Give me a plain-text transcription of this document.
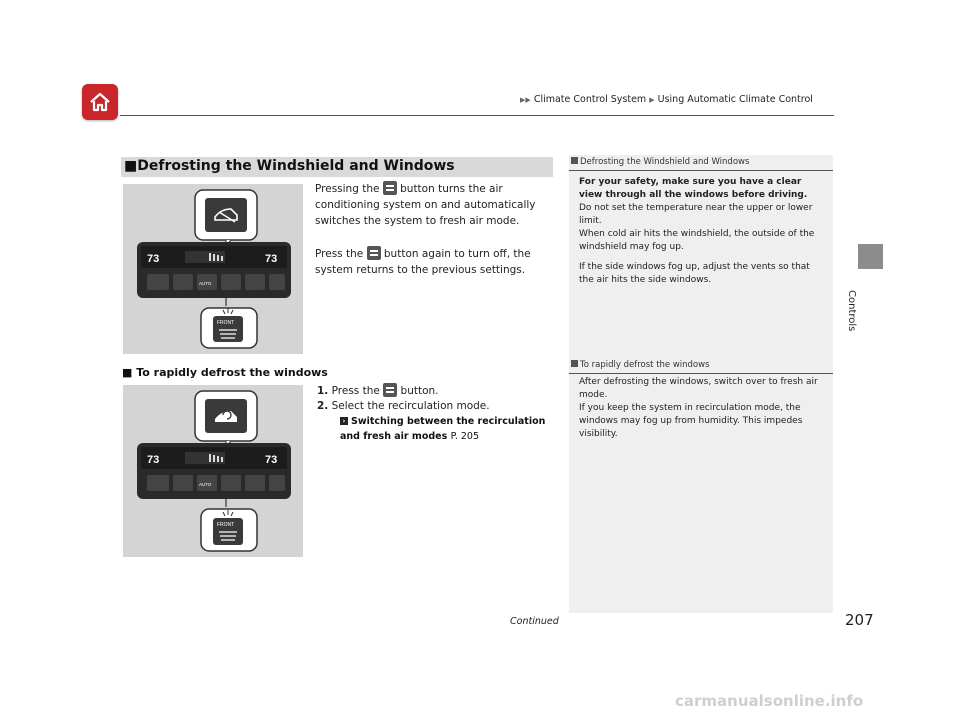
▶▶ Climate Control System ▶ Using Automatic Climate Control
Controls
■Defrosting the Windshield and Windows
73	73
AUTO
FRONT
Pressing the  button turns the air conditioning system on and automatically switches the system to fresh air mode.
Press the  button again to turn off, the system returns to the previous settings.
■ To rapidly defrost the windows
73	73
AUTO
FRONT
1. Press the  button.
2. Select the recirculation mode.
› Switching between the recirculation and fresh air modes P. 205
Defrosting the Windshield and Windows
For your safety, make sure you have a clear view through all the windows before driving.
Do not set the temperature near the upper or lower limit.
When cold air hits the windshield, the outside of the windshield may fog up.
If the side windows fog up, adjust the vents so that the air hits the side windows.
To rapidly defrost the windows
After defrosting the windows, switch over to fresh air mode.
If you keep the system in recirculation mode, the windows may fog up from humidity. This impedes visibility.
Continued	207
carmanualsonline.info
